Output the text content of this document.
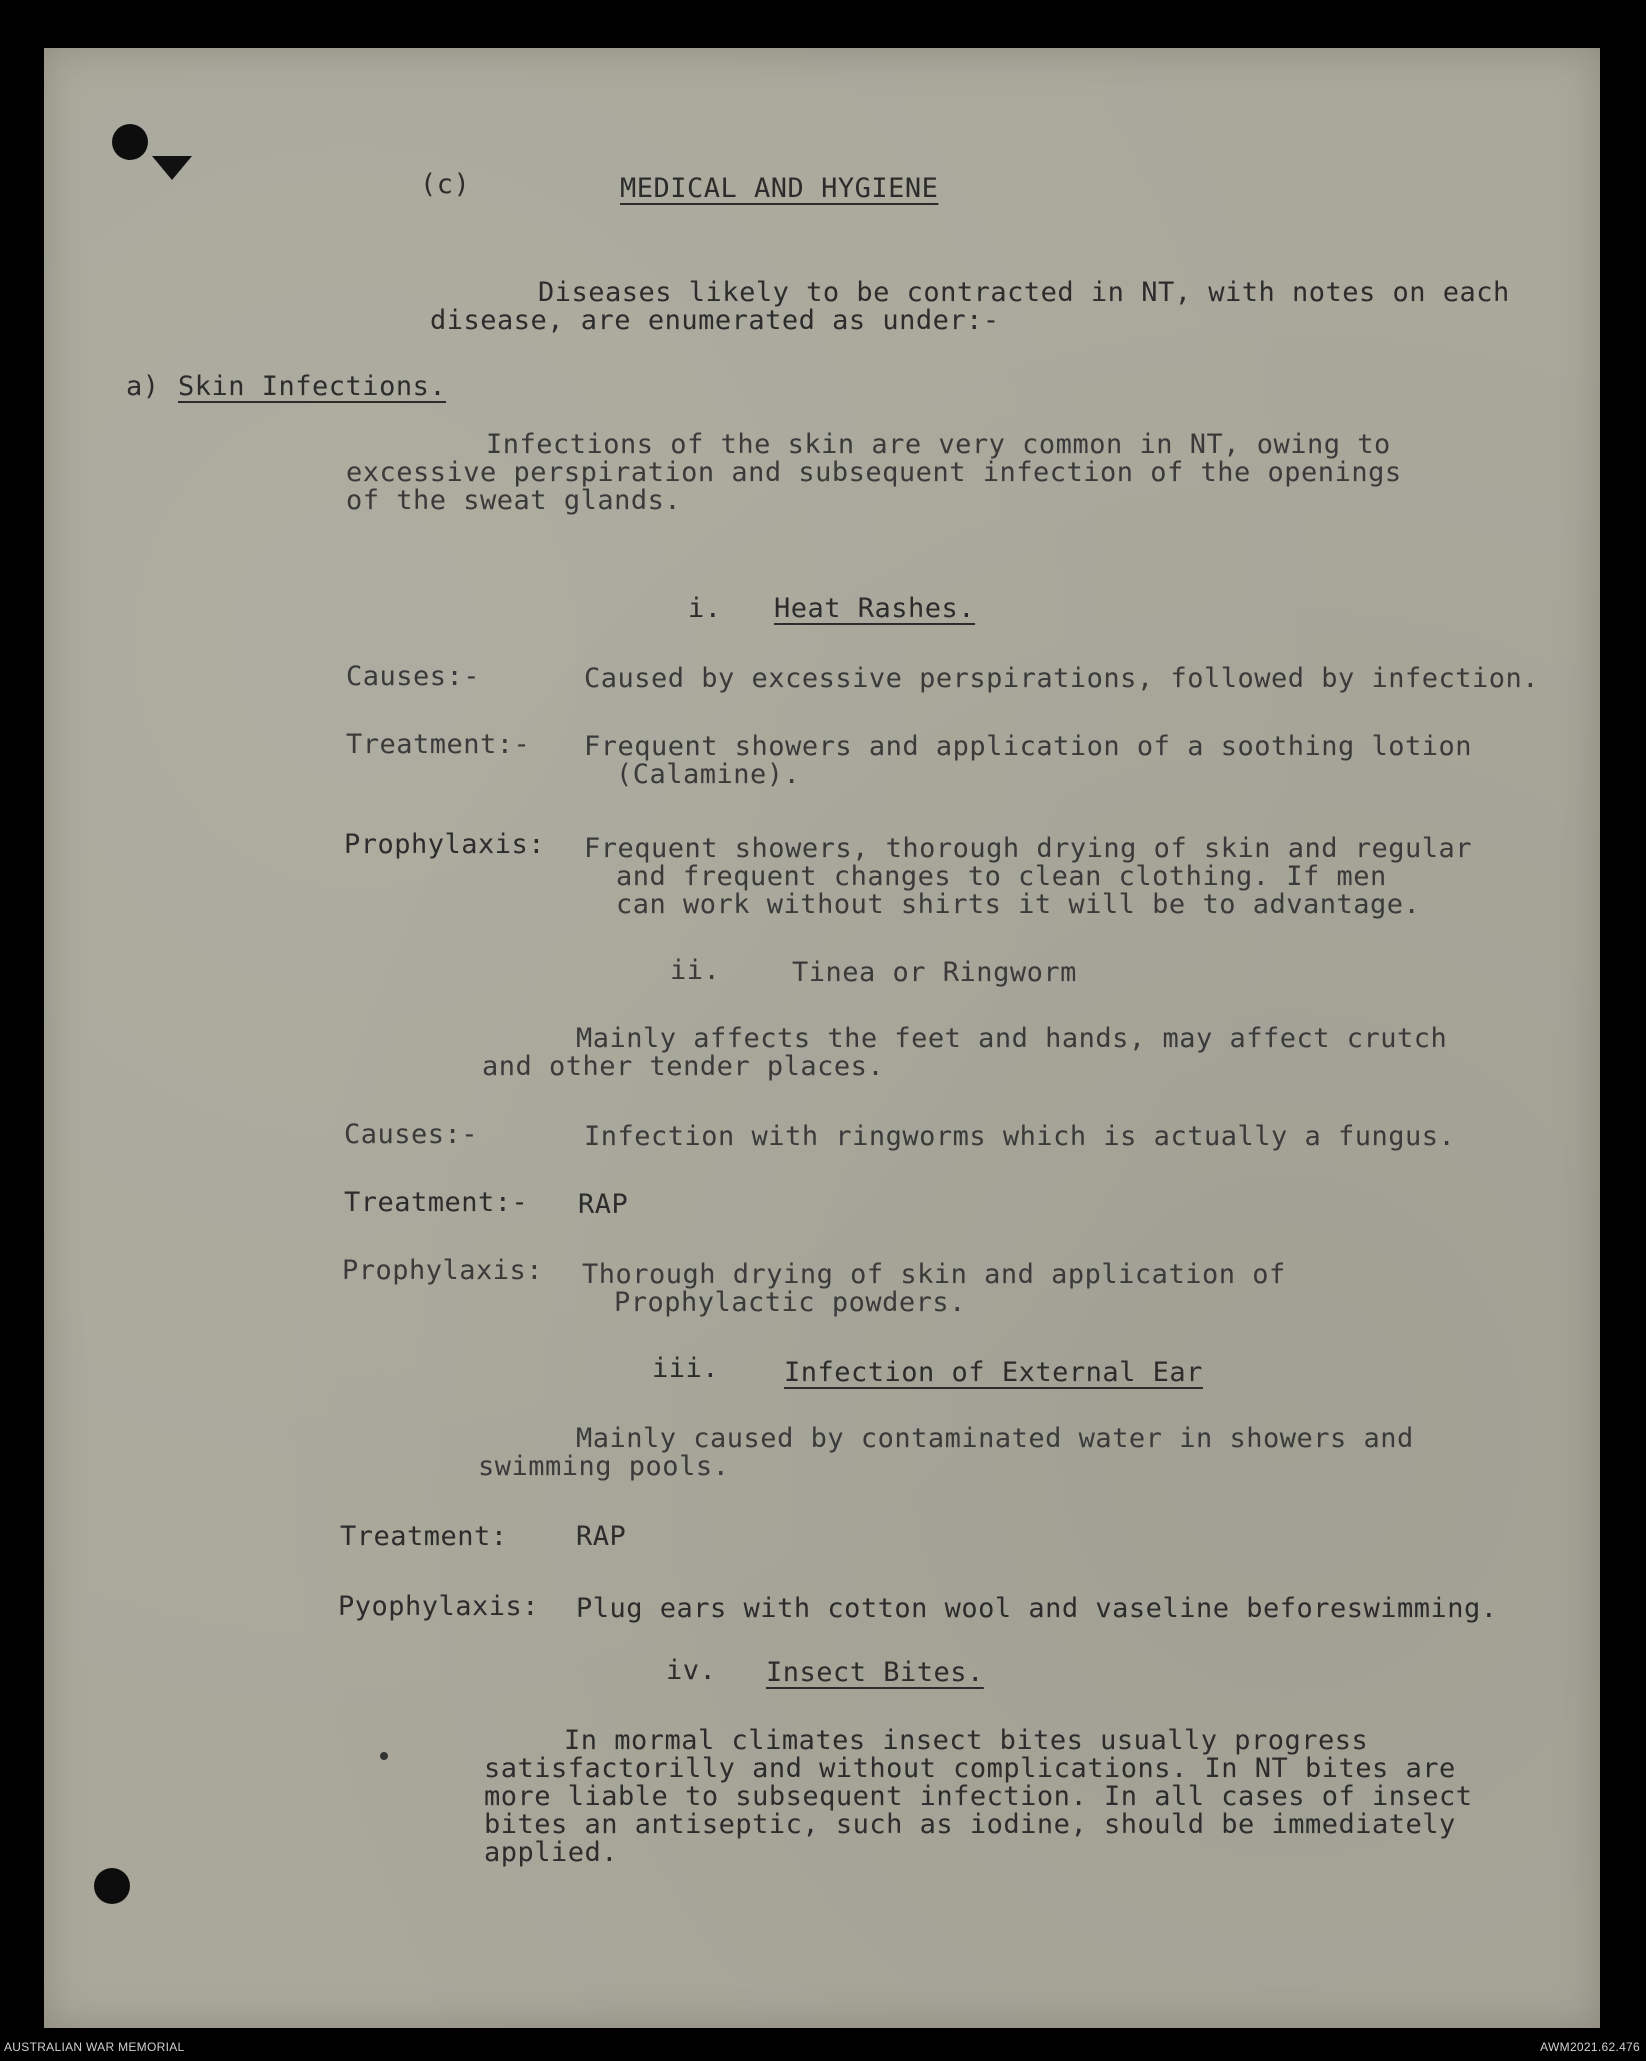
(c)	MEDICAL AND HYGIENE
Diseases likely to be contracted in NT, with notes on each
disease, are enumerated as under:-
a) Skin Infections.
Infections of the skin are very common in NT, owing to
excessive perspiration and subsequent infection of the openings
of the sweat glands.
i. Heat Rashes.
Causes:-	Caused by excessive perspirations, followed by infection.
Treatment:- Frequent showers and application of a soothing lotion
(Calamine).
Prophylaxis: Frequent showers, thorough drying of skin and regular
and frequent changes to clean clothing. If men
can work without shirts it will be to advantage.
ii.	Tinea or Ringworm
Mainly affects the feet and hands, may affect crutch
and other tender places.
Causes:-	Infection with ringworms which is actually a fungus.
Treatment:- RAP
Prophylaxis: Thorough drying of skin and application of
Prophylactic powders.
iii. Infection of External Ear
Mainly caused by contaminated water in showers and
swimming pools.
Treatment:	RAP
Pyophylaxis: Plug ears with cotton wool and vaseline beforeswimming.
iv. Insect Bites.
In mormal climates insect bites usually progress
satisfactorilly and without complications. In NT bites are
more liable to subsequent infection. In all cases of insect
bites an antiseptic, such as iodine, should be immediately
applied.
AUSTRALIAN WAR MEMORIAL	AWM2021.62.476
